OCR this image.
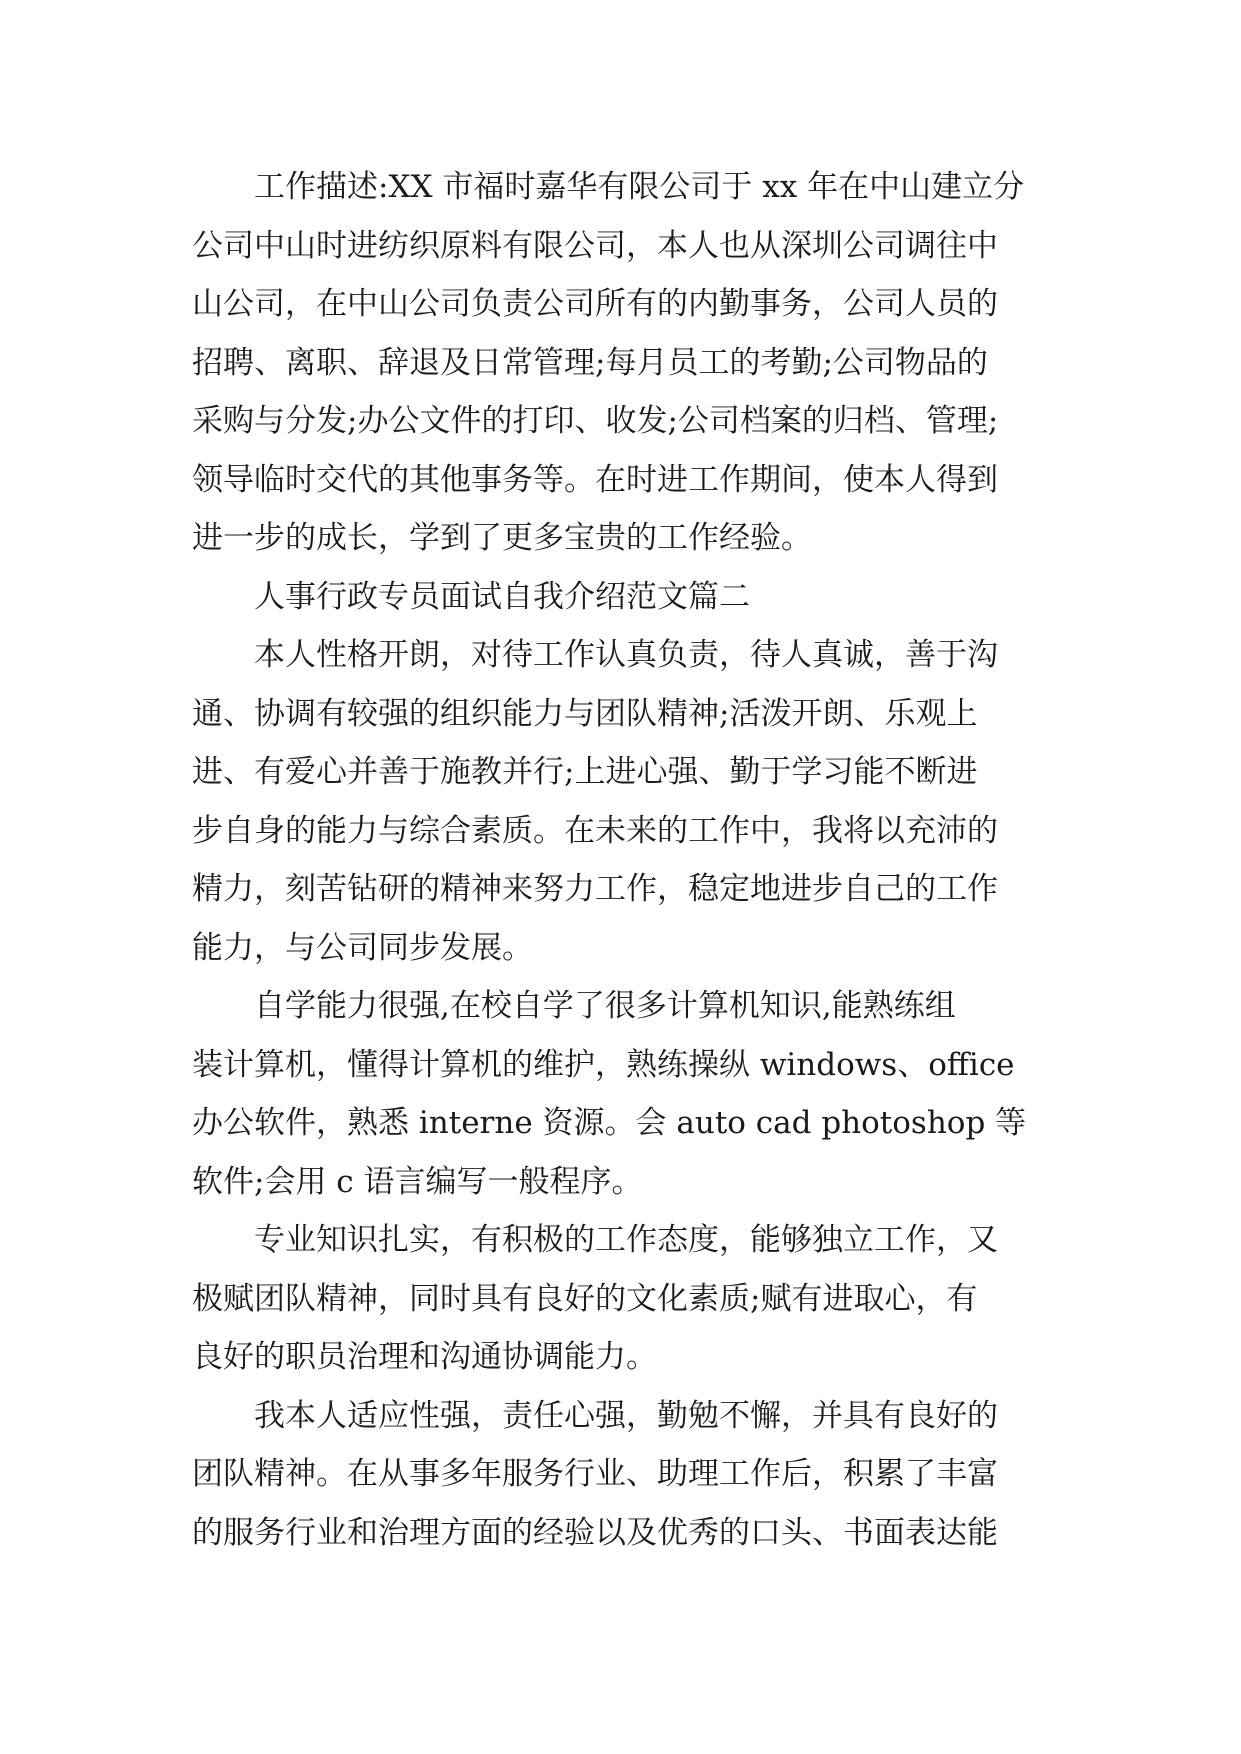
工作描述:XX 市福时嘉华有限公司于 xx 年在中山建立分
公司中山时进纺织原料有限公司，本人也从深圳公司调往中
山公司，在中山公司负责公司所有的内勤事务，公司人员的
招聘、离职、辞退及日常管理;每月员工的考勤;公司物品的
采购与分发;办公文件的打印、收发;公司档案的归档、管理;
领导临时交代的其他事务等。在时进工作期间，使本人得到
进一步的成长，学到了更多宝贵的工作经验。
人事行政专员面试自我介绍范文篇二
本人性格开朗，对待工作认真负责，待人真诚，善于沟
通、协调有较强的组织能力与团队精神;活泼开朗、乐观上
进、有爱心并善于施教并行;上进心强、勤于学习能不断进
步自身的能力与综合素质。在未来的工作中，我将以充沛的
精力，刻苦钻研的精神来努力工作，稳定地进步自己的工作
能力，与公司同步发展。
自学能力很强,在校自学了很多计算机知识,能熟练组
装计算机，懂得计算机的维护，熟练操纵 windows、office
办公软件，熟悉 interne 资源。会 auto cad photoshop 等
软件;会用 c 语言编写一般程序。
专业知识扎实，有积极的工作态度，能够独立工作，又
极赋团队精神，同时具有良好的文化素质;赋有进取心，有
良好的职员治理和沟通协调能力。
我本人适应性强，责任心强，勤勉不懈，并具有良好的
团队精神。在从事多年服务行业、助理工作后，积累了丰富
的服务行业和治理方面的经验以及优秀的口头、书面表达能
